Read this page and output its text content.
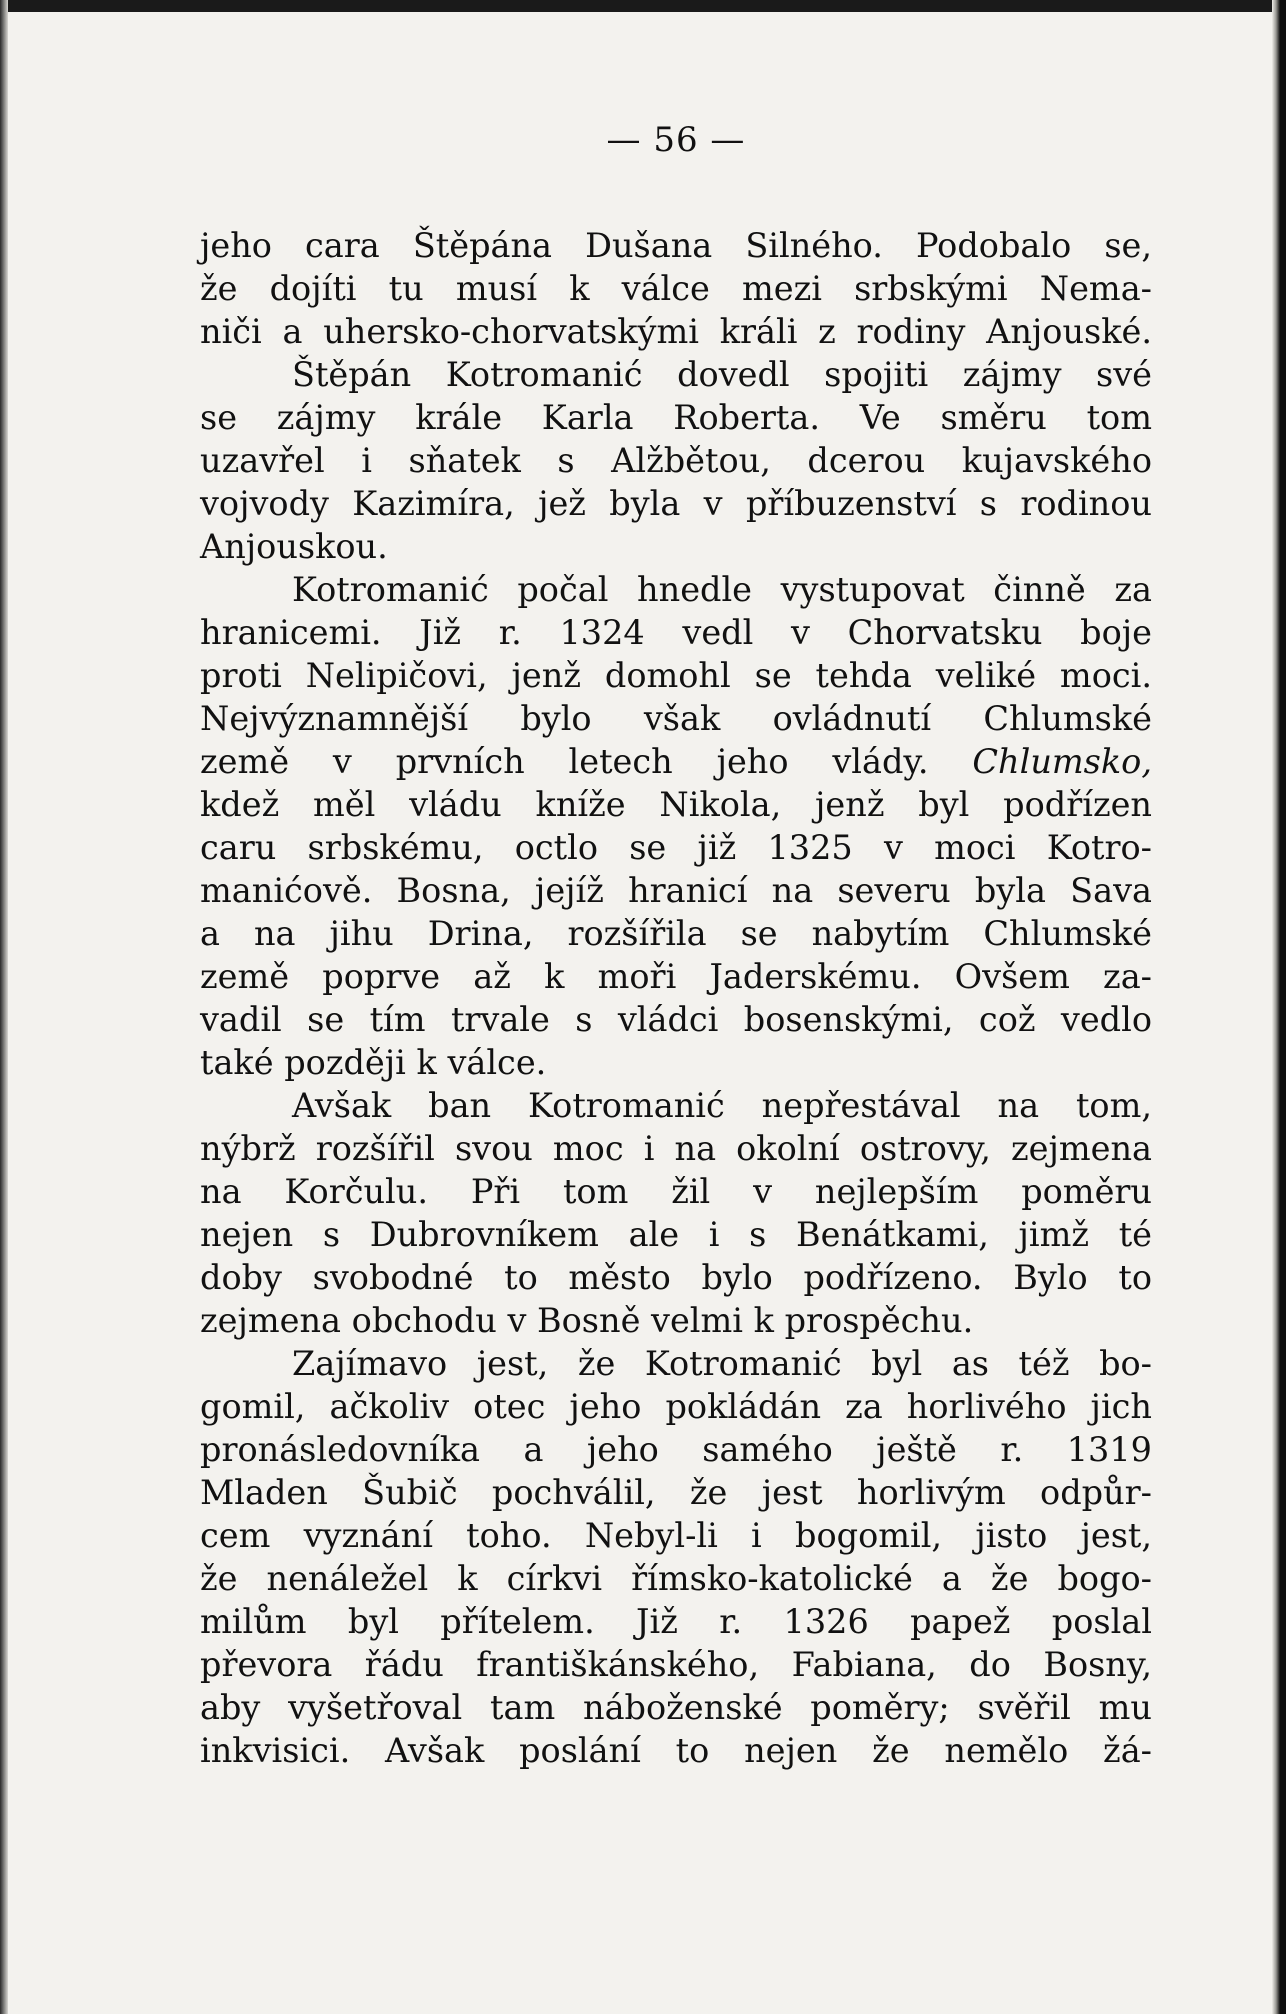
— 56 —
jeho cara Štěpána Dušana Silného. Podobalo se,
že dojíti tu musí k válce mezi srbskými Nema-
niči a uhersko-chorvatskými králi z rodiny Anjouské.
Štěpán Kotromanić dovedl spojiti zájmy své
se zájmy krále Karla Roberta. Ve směru tom
uzavřel i sňatek s Alžbětou, dcerou kujavského
vojvody Kazimíra, jež byla v příbuzenství s rodinou
Anjouskou.
Kotromanić počal hnedle vystupovat činně za
hranicemi. Již r. 1324 vedl v Chorvatsku boje
proti Nelipičovi, jenž domohl se tehda veliké moci.
Nejvýznamnější bylo však ovládnutí Chlumské
země v prvních letech jeho vlády. Chlumsko,
kdež měl vládu kníže Nikola, jenž byl podřízen
caru srbskému, octlo se již 1325 v moci Kotro-
manićově. Bosna, jejíž hranicí na severu byla Sava
a na jihu Drina, rozšířila se nabytím Chlumské
země poprve až k moři Jaderskému. Ovšem za-
vadil se tím trvale s vládci bosenskými, což vedlo
také později k válce.
Avšak ban Kotromanić nepřestával na tom,
nýbrž rozšířil svou moc i na okolní ostrovy, zejmena
na Korčulu. Při tom žil v nejlepším poměru
nejen s Dubrovníkem ale i s Benátkami, jimž té
doby svobodné to město bylo podřízeno. Bylo to
zejmena obchodu v Bosně velmi k prospěchu.
Zajímavo jest, že Kotromanić byl as též bo-
gomil, ačkoliv otec jeho pokládán za horlivého jich
pronásledovníka a jeho samého ještě r. 1319
Mladen Šubič pochválil, že jest horlivým odpůr-
cem vyznání toho. Nebyl-li i bogomil, jisto jest,
že nenáležel k církvi římsko-katolické a že bogo-
milům byl přítelem. Již r. 1326 papež poslal
převora řádu františkánského, Fabiana, do Bosny,
aby vyšetřoval tam náboženské poměry; svěřil mu
inkvisici. Avšak poslání to nejen že nemělo žá-
